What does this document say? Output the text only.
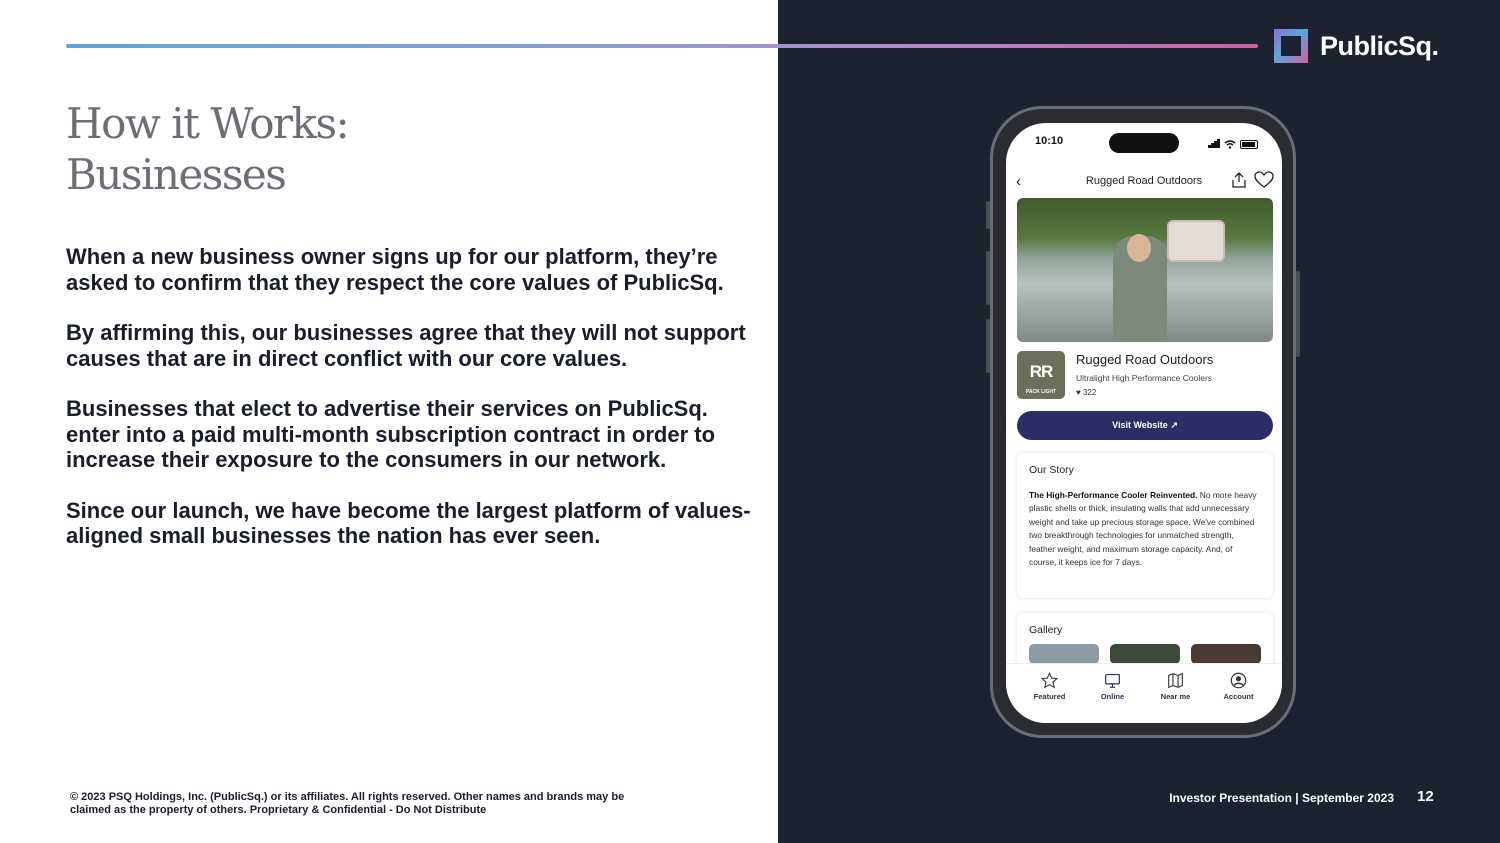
PublicSq.
How it Works:
Businesses

When a new business owner signs up for our platform, they’re asked to confirm that they respect the core values of PublicSq.

By affirming this, our businesses agree that they will not support causes that are in direct conflict with our core values.

Businesses that elect to advertise their services on PublicSq. enter into a paid multi-month subscription contract in order to increase their exposure to the consumers in our network.

Since our launch, we have become the largest platform of values-aligned small businesses the nation has ever seen.

© 2023 PSQ Holdings, Inc. (PublicSq.) or its affiliates. All rights reserved. Other names and brands may be claimed as the property of others. Proprietary & Confidential - Do Not Distribute
Investor Presentation | September 2023 12
10:10
‹	Rugged Road Outdoors
RR
PACK LIGHT
Rugged Road Outdoors
Ultralight High Performance Coolers
♥ 322
Visit Website ↗
Our Story
The High-Performance Cooler Reinvented. No more heavy plastic shells or thick, insulating walls that add unnecessary weight and take up precious storage space. We've combined two breakthrough technologies for unmatched strength, feather weight, and maximum storage capacity. And, of course, it keeps ice for 7 days.
Gallery
Featured	Online	Near me	Account
